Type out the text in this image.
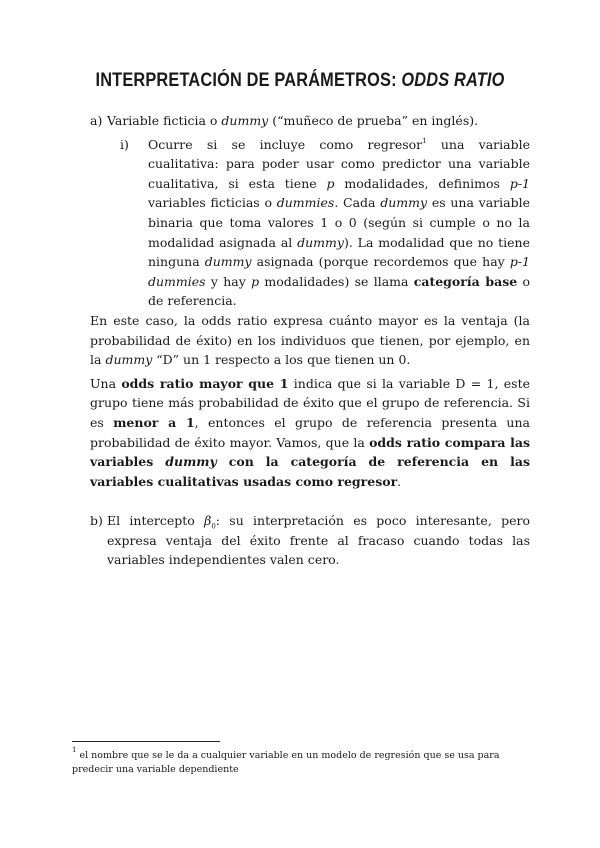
INTERPRETACIÓN DE PARÁMETROS: ODDS RATIO
a) Variable ficticia o dummy (“muñeco de prueba” en inglés).
i)	Ocurre si se incluye como regresor$^1$ una variable cualitativa: para poder usar como predictor una variable cualitativa, si esta tiene p modalidades, definimos p-1 variables ficticias o dummies. Cada dummy es una variable binaria que toma valores 1 o 0 (según si cumple o no la modalidad asignada al dummy). La modalidad que no tiene ninguna dummy asignada (porque recordemos que hay p-1 dummies y hay p modalidades) se llama categoría base o de referencia.

En este caso, la odds ratio expresa cuánto mayor es la ventaja (la probabilidad de éxito) en los individuos que tienen, por ejemplo, en la dummy “D” un 1 respecto a los que tienen un 0.

Una odds ratio mayor que 1 indica que si la variable D = 1, este grupo tiene más probabilidad de éxito que el grupo de referencia. Si es menor a 1, entonces el grupo de referencia presenta una probabilidad de éxito mayor. Vamos, que la odds ratio compara las variables dummy con la categoría de referencia en las variables cualitativas usadas como regresor.

b) El intercepto $\beta_0$: su interpretación es poco interesante, pero expresa ventaja del éxito frente al fracaso cuando todas las variables independientes valen cero.

$^1$ el nombre que se le da a cualquier variable en un modelo de regresión que se usa para predecir una variable dependiente
